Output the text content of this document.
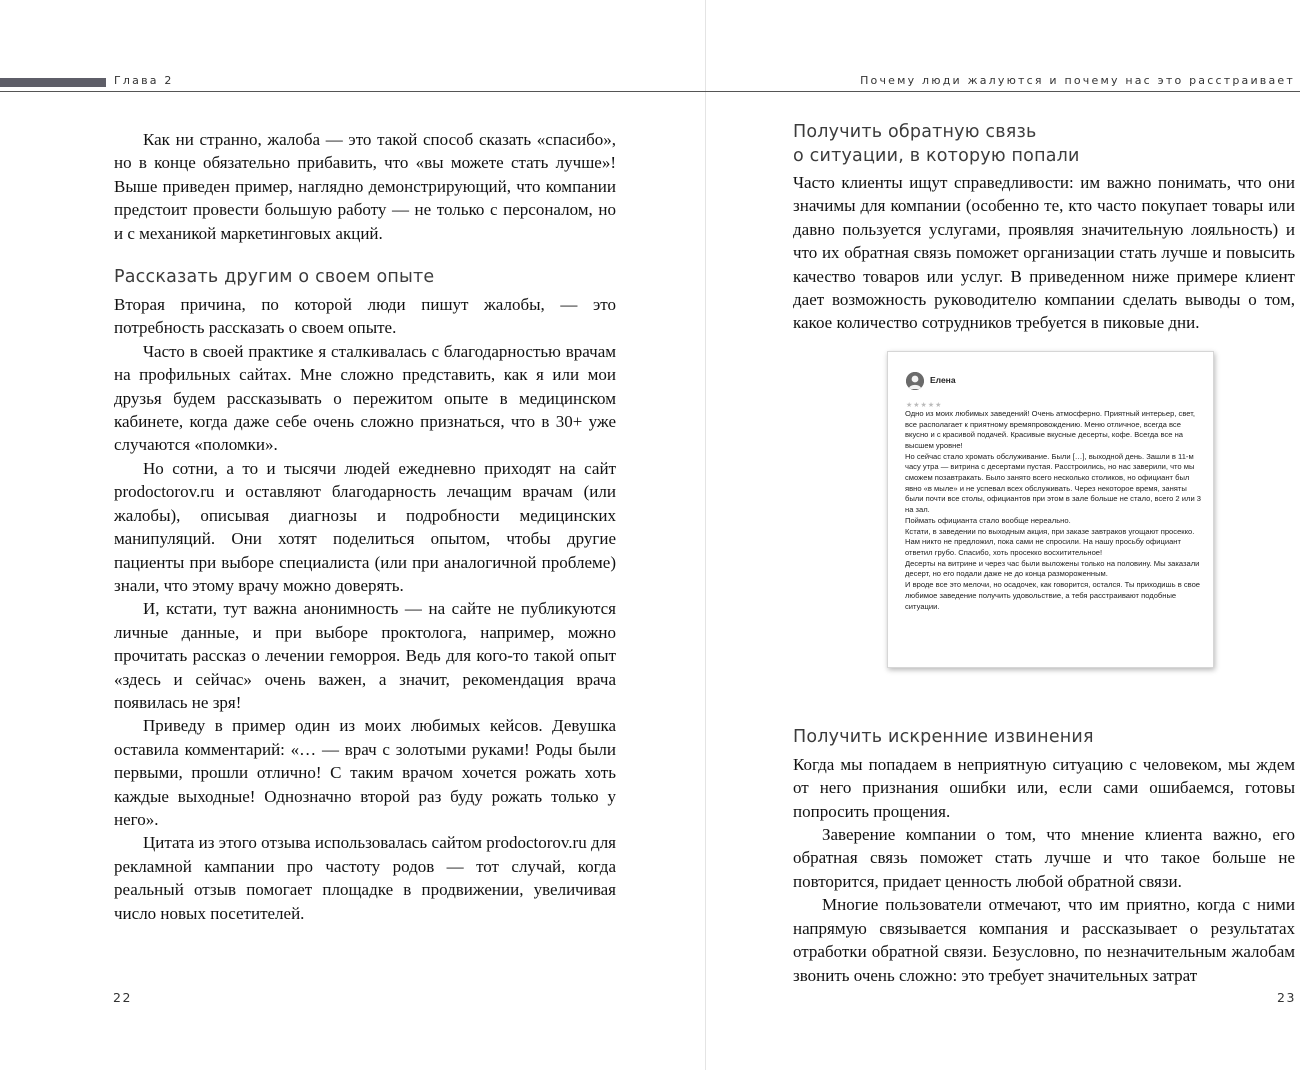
Глава 2	Почему люди жалуются и почему нас это расстраивает

Как ни странно, жалоба — это такой способ сказать «спасибо», но в конце обязательно прибавить, что «вы можете стать лучше»! Выше приведен пример, наглядно демонстрирующий, что компании предстоит провести большую работу — не только с персоналом, но и с механикой маркетинговых акций.

Рассказать другим о своем опыте

Вторая причина, по которой люди пишут жалобы, — это потребность рассказать о своем опыте.

Часто в своей практике я сталкивалась с благодарностью врачам на профильных сайтах. Мне сложно представить, как я или мои друзья будем рассказывать о пережитом опыте в медицинском кабинете, когда даже себе очень сложно признаться, что в 30+ уже случаются «поломки».

Но сотни, а то и тысячи людей ежедневно приходят на сайт prodoctorov.ru и оставляют благодарность лечащим врачам (или жалобы), описывая диагнозы и подробности медицинских манипуляций. Они хотят поделиться опытом, чтобы другие пациенты при выборе специалиста (или при аналогичной проблеме) знали, что этому врачу можно доверять.

И, кстати, тут важна анонимность — на сайте не публикуются личные данные, и при выборе проктолога, например, можно прочитать рассказ о лечении геморроя. Ведь для кого-то такой опыт «здесь и сейчас» очень важен, а значит, рекомендация врача появилась не зря!

Приведу в пример один из моих любимых кейсов. Девушка оставила комментарий: «… — врач с золотыми руками! Роды были первыми, прошли отлично! С таким врачом хочется рожать хоть каждые выходные! Однозначно второй раз буду рожать только у него».

Цитата из этого отзыва использовалась сайтом prodoctorov.ru для рекламной кампании про частоту родов — тот случай, когда реальный отзыв помогает площадке в продвижении, увеличивая число новых посетителей.

Получить обратную связь
о ситуации, в которую попали

Часто клиенты ищут справедливости: им важно понимать, что они значимы для компании (особенно те, кто часто покупает товары или давно пользуется услугами, проявляя значительную лояльность) и что их обратная связь поможет организации стать лучше и повысить качество товаров или услуг. В приведенном ниже примере клиент дает возможность руководителю компании сделать выводы о том, какое количество сотрудников требуется в пиковые дни.

Елена
★★★★★
Одно из моих любимых заведений! Очень атмосферно. Приятный интерьер, свет, все располагает к приятному времяпровождению. Меню отличное, всегда все вкусно и с красивой подачей. Красивые вкусные десерты, кофе. Всегда все на высшем уровне!
Но сейчас стало хромать обслуживание. Были […], выходной день. Зашли в 11-м часу утра — витрина с десертами пустая. Расстроились, но нас заверили, что мы сможем позавтракать. Было занято всего несколько столиков, но официант был явно «в мыле» и не успевал всех обслуживать. Через некоторое время, заняты были почти все столы, официантов при этом в зале больше не стало, всего 2 или 3 на зал.
Поймать официанта стало вообще нереально.
Кстати, в заведении по выходным акция, при заказе завтраков угощают просекко. Нам никто не предложил, пока сами не спросили. На нашу просьбу официант ответил грубо. Спасибо, хоть просекко восхитительное!
Десерты на витрине и через час были выложены только на половину. Мы заказали десерт, но его подали даже не до конца размороженным.
И вроде все это мелочи, но осадочек, как говорится, остался. Ты приходишь в свое любимое заведение получить удовольствие, а тебя расстраивают подобные ситуации.
Получить искренние извинения

Когда мы попадаем в неприятную ситуацию с человеком, мы ждем от него признания ошибки или, если сами ошибаемся, готовы попросить прощения.

Заверение компании о том, что мнение клиента важно, его обратная связь поможет стать лучше и что такое больше не повторится, придает ценность любой обратной связи.

Многие пользователи отмечают, что им приятно, когда с ними напрямую связывается компания и рассказывает о результатах отработки обратной связи. Безусловно, по незначительным жалобам звонить очень сложно: это требует значительных затрат

22	23
